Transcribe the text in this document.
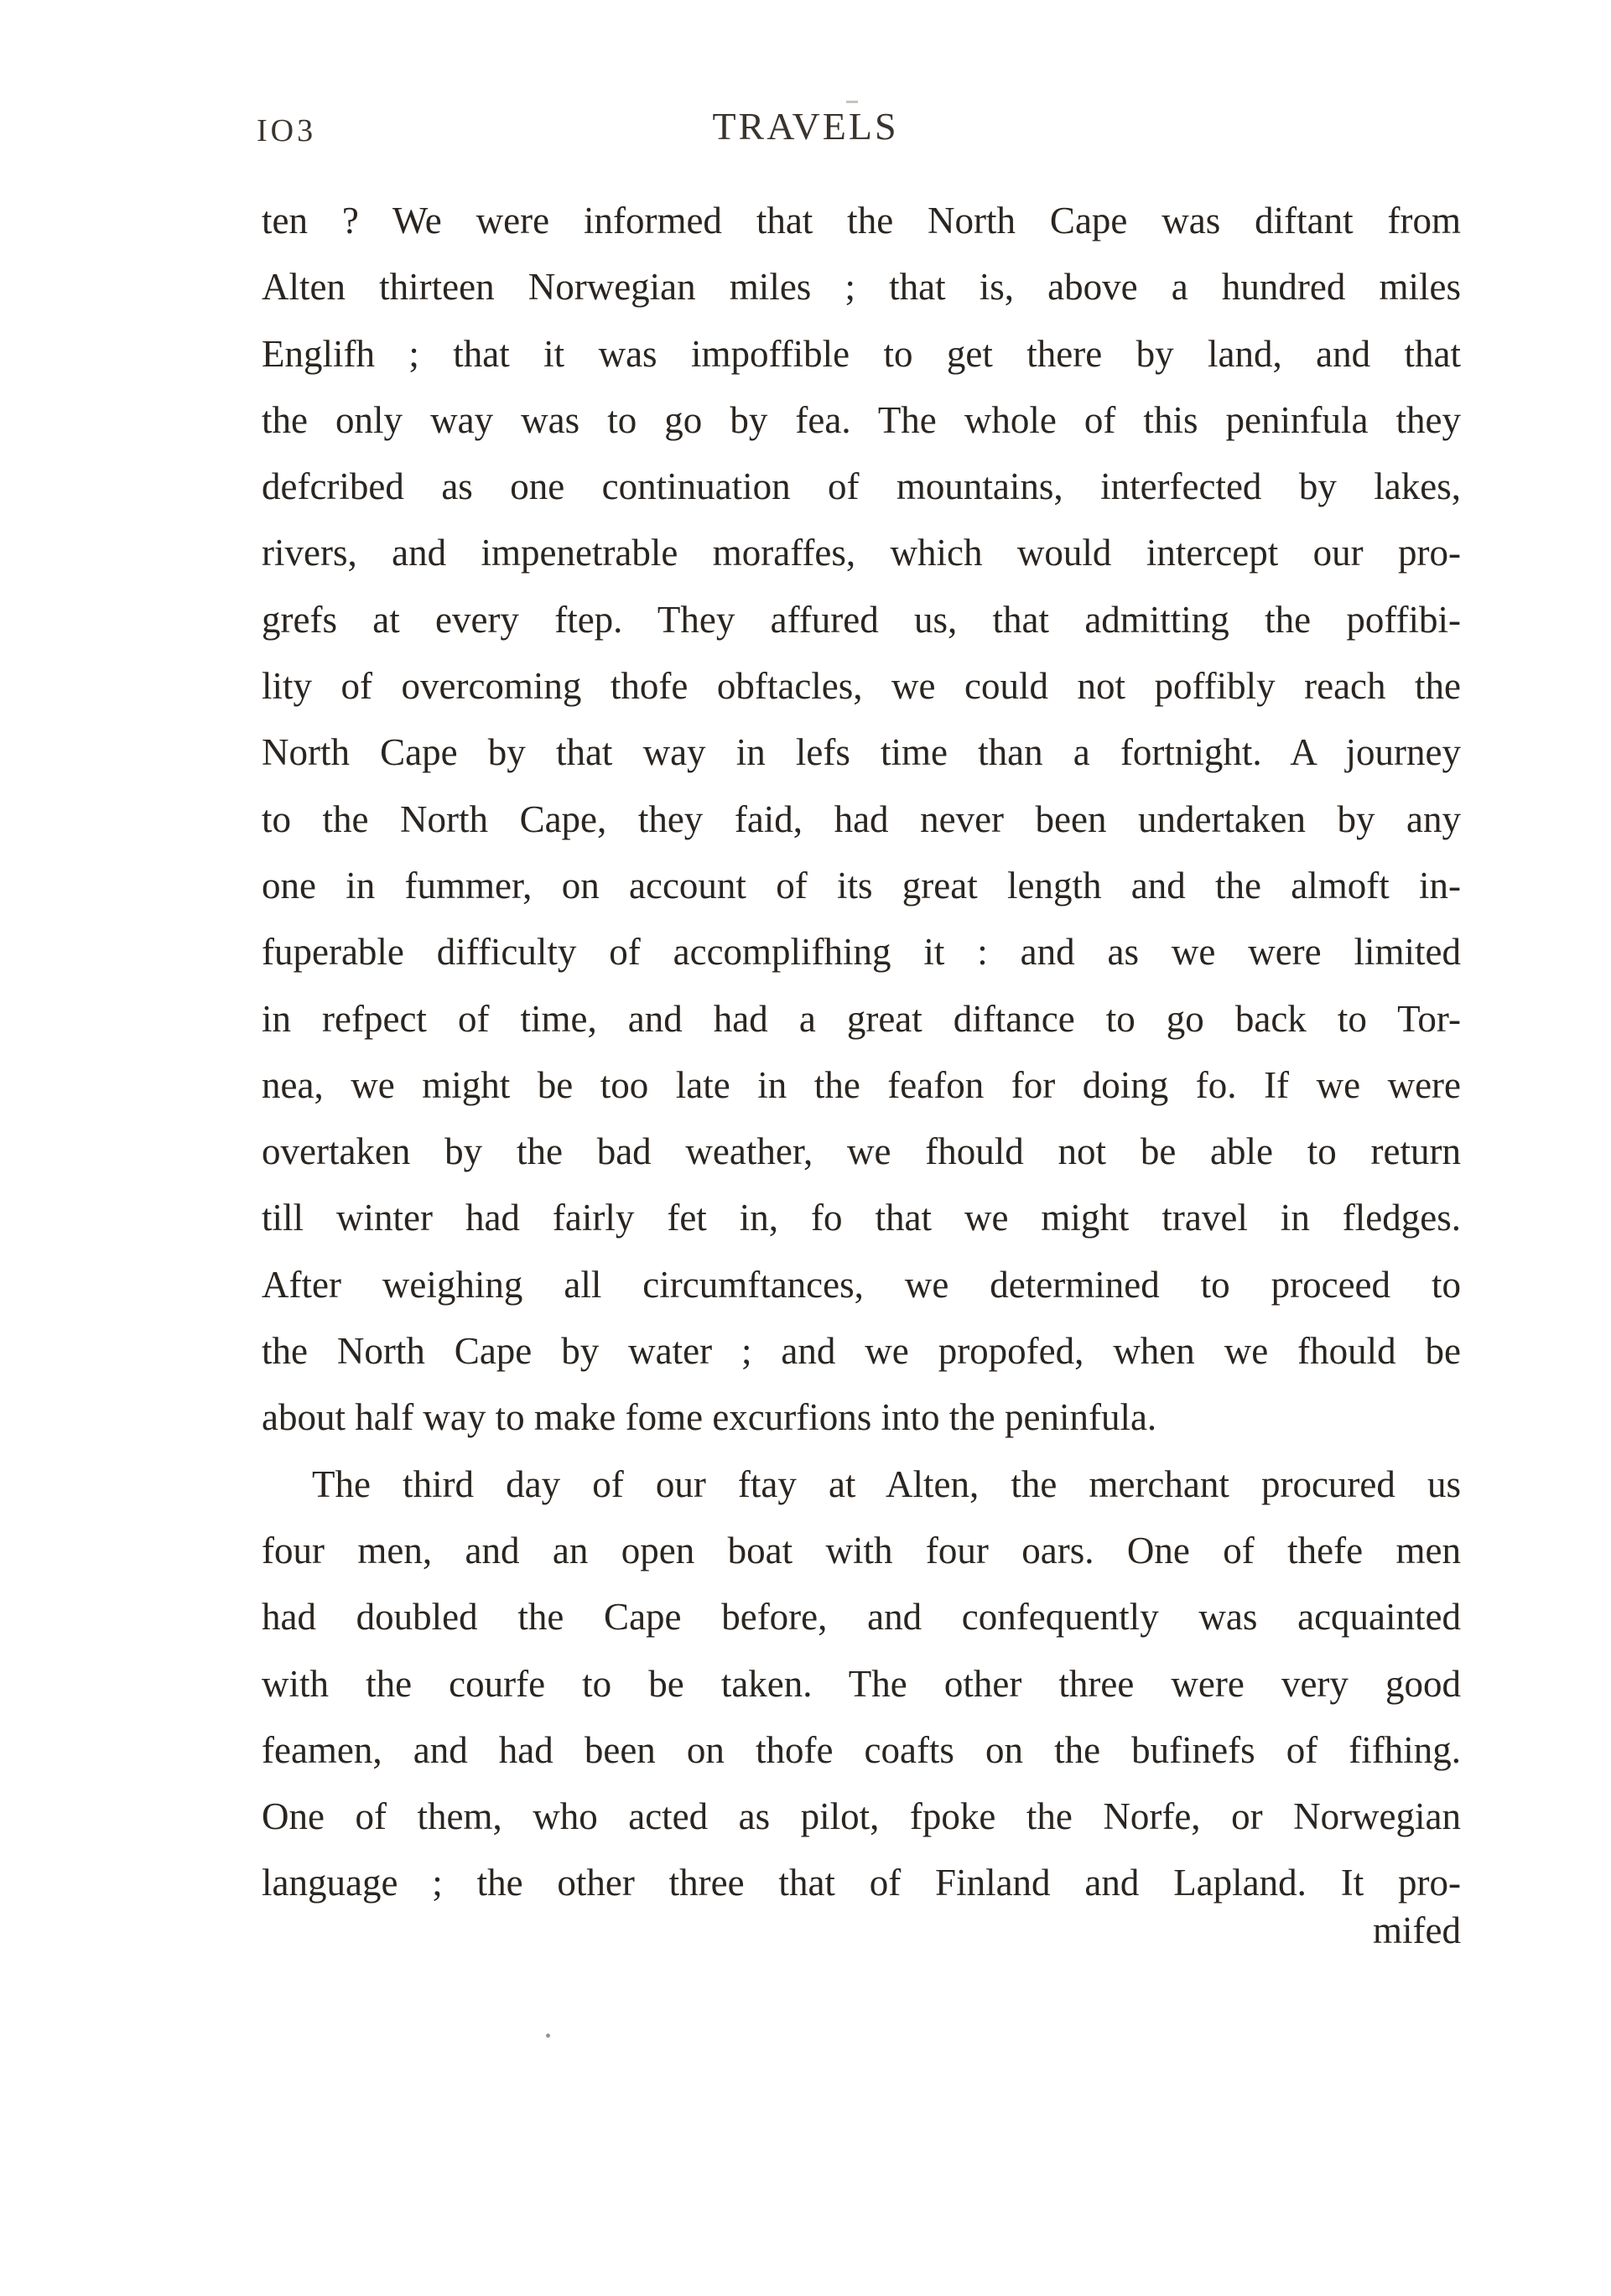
IO3	TRAVELS
ten ? We were informed that the North Cape was diftant from
Alten thirteen Norwegian miles ; that is, above a hundred miles
Englifh ; that it was impoffible to get there by land, and that
the only way was to go by fea. The whole of this peninfula they
defcribed as one continuation of mountains, interfected by lakes,
rivers, and impenetrable moraffes, which would intercept our pro-
grefs at every ftep. They affured us, that admitting the poffibi-
lity of overcoming thofe obftacles, we could not poffibly reach the
North Cape by that way in lefs time than a fortnight. A journey
to the North Cape, they faid, had never been undertaken by any
one in fummer, on account of its great length and the almoft in-
fuperable difficulty of accomplifhing it : and as we were limited
in refpect of time, and had a great diftance to go back to Tor-
nea, we might be too late in the feafon for doing fo. If we were
overtaken by the bad weather, we fhould not be able to return
till winter had fairly fet in, fo that we might travel in fledges.
After weighing all circumftances, we determined to proceed to
the North Cape by water ; and we propofed, when we fhould be
about half way to make fome excurfions into the peninfula.
The third day of our ftay at Alten, the merchant procured us
four men, and an open boat with four oars. One of thefe men
had doubled the Cape before, and confequently was acquainted
with the courfe to be taken. The other three were very good
feamen, and had been on thofe coafts on the bufinefs of fifhing.
One of them, who acted as pilot, fpoke the Norfe, or Norwegian
language ; the other three that of Finland and Lapland. It pro-
mifed
